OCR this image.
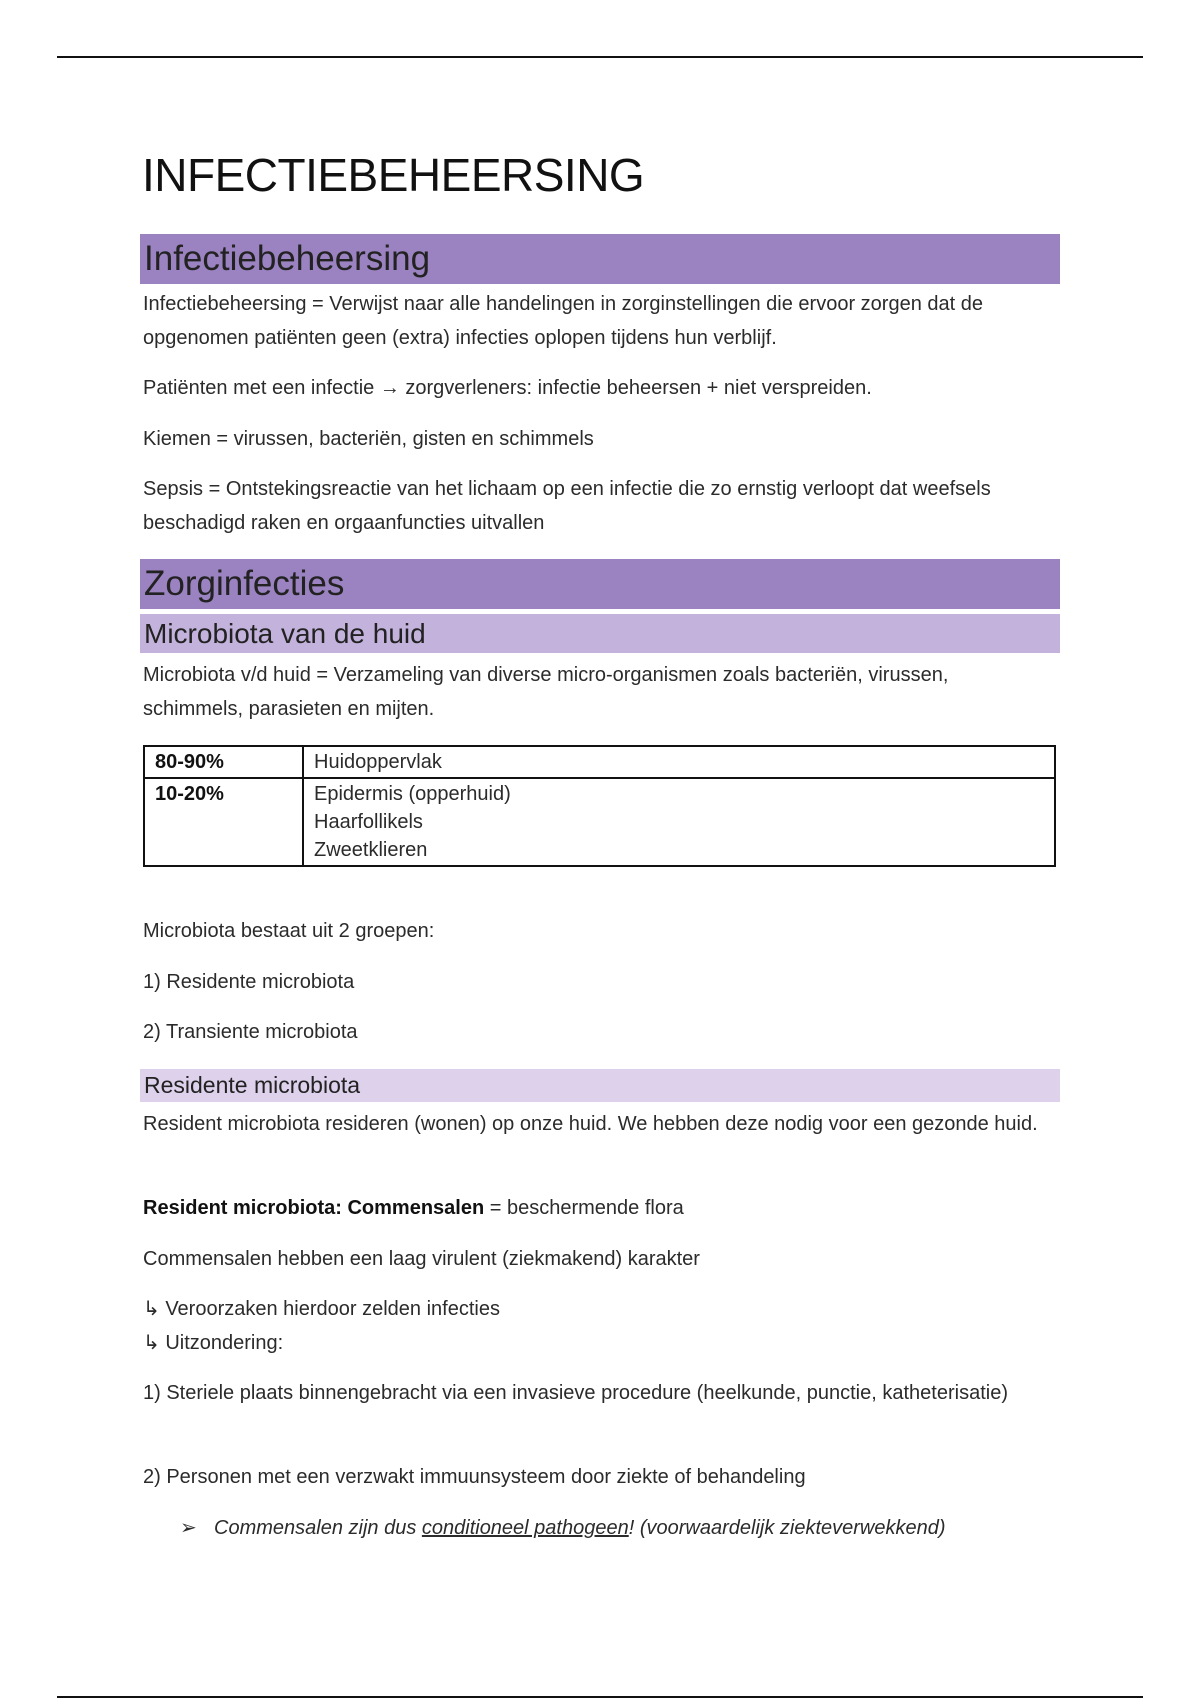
INFECTIEBEHEERSING
Infectiebeheersing
Infectiebeheersing = Verwijst naar alle handelingen in zorginstellingen die ervoor zorgen dat de opgenomen patiënten geen (extra) infecties oplopen tijdens hun verblijf.
Patiënten met een infectie → zorgverleners: infectie beheersen + niet verspreiden.
Kiemen = virussen, bacteriën, gisten en schimmels
Sepsis = Ontstekingsreactie van het lichaam op een infectie die zo ernstig verloopt dat weefsels beschadigd raken en orgaanfuncties uitvallen
Zorginfecties
Microbiota van de huid
Microbiota v/d huid = Verzameling van diverse micro-organismen zoals bacteriën, virussen, schimmels, parasieten en mijten.
80-90%	Huidoppervlak

10-20%	Epidermis (opperhuid)
Haarfollikels
Zweetklieren
Microbiota bestaat uit 2 groepen:
1) Residente microbiota
2) Transiente microbiota
Residente microbiota
Resident microbiota resideren (wonen) op onze huid. We hebben deze nodig voor een gezonde huid.
Resident microbiota: Commensalen = beschermende flora
Commensalen hebben een laag virulent (ziekmakend) karakter
↳ Veroorzaken hierdoor zelden infecties
↳ Uitzondering:
1) Steriele plaats binnengebracht via een invasieve procedure (heelkunde, punctie, katheterisatie)
2) Personen met een verzwakt immuunsysteem door ziekte of behandeling
➢ Commensalen zijn dus conditioneel pathogeen! (voorwaardelijk ziekteverwekkend)
